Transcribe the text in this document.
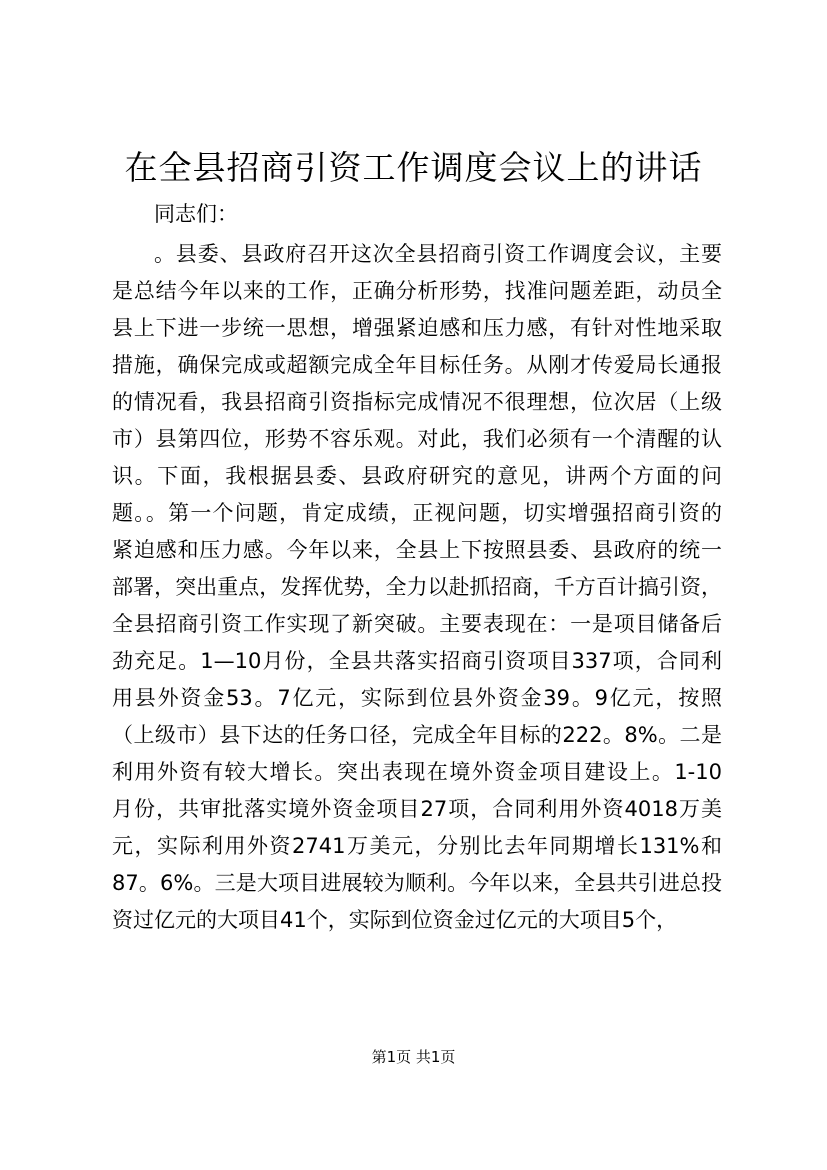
在全县招商引资工作调度会议上的讲话
同志们：
。县委、县政府召开这次全县招商引资工作调度会议，主要
是总结今年以来的工作，正确分析形势，找准问题差距，动员全
县上下进一步统一思想，增强紧迫感和压力感，有针对性地采取
措施，确保完成或超额完成全年目标任务。从刚才传爱局长通报
的情况看，我县招商引资指标完成情况不很理想，位次居（上级
市）县第四位，形势不容乐观。对此，我们必须有一个清醒的认
识。下面，我根据县委、县政府研究的意见，讲两个方面的问
题。。第一个问题，肯定成绩，正视问题，切实增强招商引资的
紧迫感和压力感。今年以来，全县上下按照县委、县政府的统一
部署，突出重点，发挥优势，全力以赴抓招商，千方百计搞引资，
全县招商引资工作实现了新突破。主要表现在：一是项目储备后
劲充足。1—10月份，全县共落实招商引资项目337项，合同利
用县外资金53。7亿元，实际到位县外资金39。9亿元，按照
（上级市）县下达的任务口径，完成全年目标的222。8%。二是
利用外资有较大增长。突出表现在境外资金项目建设上。1-10
月份，共审批落实境外资金项目27项，合同利用外资4018万美
元，实际利用外资2741万美元，分别比去年同期增长131%和
87。6%。三是大项目进展较为顺利。今年以来，全县共引进总投
资过亿元的大项目41个，实际到位资金过亿元的大项目5个，
第1页 共1页
